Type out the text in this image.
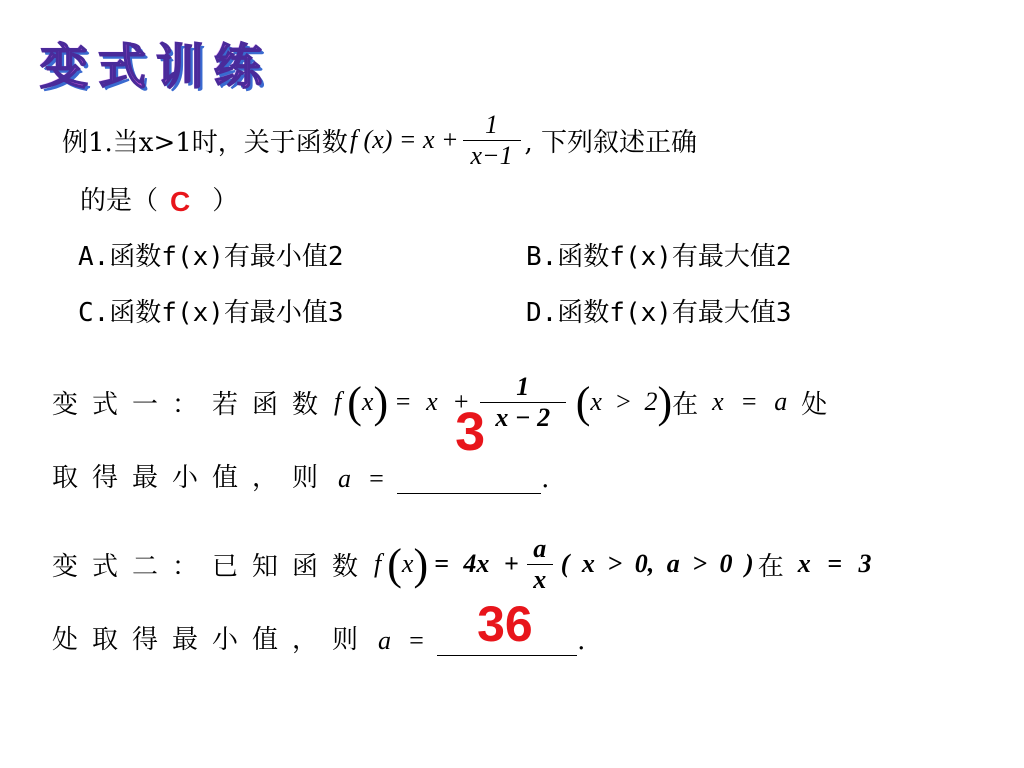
变式训练
例1.当x>1时，关于函数 f $(x) = x + \frac{1}{x-1}$ , 下列叙述正确
的是（ C ）
A.函数f(x)有最小值2	B.函数f(x)有最大值2
C.函数f(x)有最小值3	D.函数f(x)有最大值3
变式一：若函数 f ( x ) = $x + \frac{1}{x - 2}$ ( x > 2 ) 在 x = a 处
取得最小值，则 a =
3

.
变式二：已知函数 f ( x ) = $4x + \frac{a}{x}$ ( x > 0, a > 0 ) 在 x = 3
处取得最小值，则 a = 36
.
